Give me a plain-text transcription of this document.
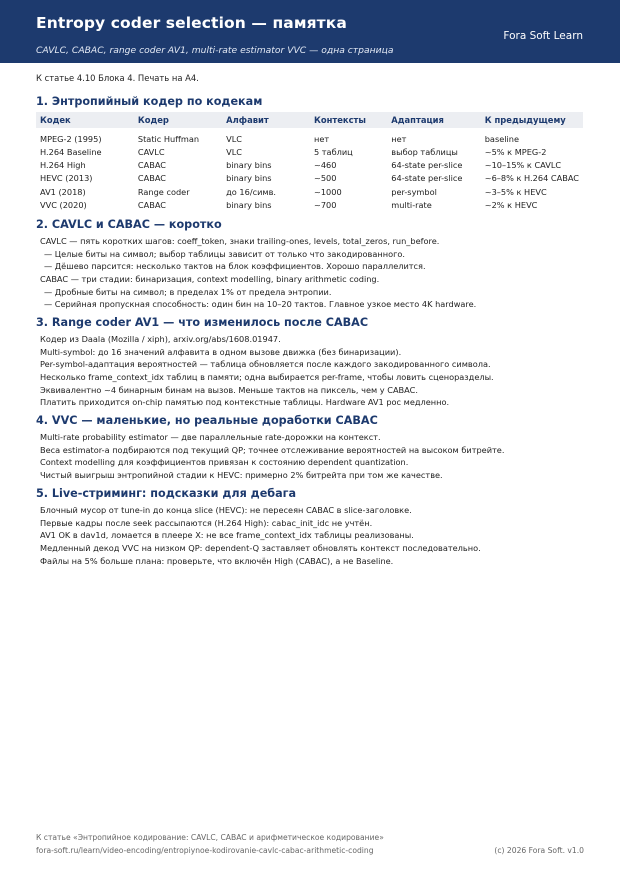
Entropy coder selection — памятка
CAVLC, CABAC, range coder AV1, multi-rate estimator VVC — одна страница
Fora Soft Learn
К статье 4.10 Блока 4. Печать на A4.
1. Энтропийный кодер по кодекам
Кодек	Кодер	Алфавит	Контексты	Адаптация	К предыдущему
MPEG-2 (1995)	Static Huffman	VLC	нет	нет	baseline
H.264 Baseline	CAVLC	VLC	5 таблиц	выбор таблицы	~5% к MPEG-2
H.264 High	CABAC	binary bins	~460	64-state per-slice	~10–15% к CAVLC
HEVC (2013)	CABAC	binary bins	~500	64-state per-slice	~6–8% к H.264 CABAC
AV1 (2018)	Range coder	до 16/симв.	~1000	per-symbol	~3–5% к HEVC
VVC (2020)	CABAC	binary bins	~700	multi-rate	~2% к HEVC
2. CAVLC и CABAC — коротко
CAVLC — пять коротких шагов: coeff_token, знаки trailing-ones, levels, total_zeros, run_before.
— Целые биты на символ; выбор таблицы зависит от только что закодированного.
— Дёшево парсится: несколько тактов на блок коэффициентов. Хорошо параллелится.
CABAC — три стадии: бинаризация, context modelling, binary arithmetic coding.
— Дробные биты на символ; в пределах 1% от предела энтропии.
— Серийная пропускная способность: один бин на 10–20 тактов. Главное узкое место 4K hardware.
3. Range coder AV1 — что изменилось после CABAC
Кодер из Daala (Mozilla / xiph), arxiv.org/abs/1608.01947.
Multi-symbol: до 16 значений алфавита в одном вызове движка (без бинаризации).
Per-symbol-адаптация вероятностей — таблица обновляется после каждого закодированного символа.
Несколько frame_context_idx таблиц в памяти; одна выбирается per-frame, чтобы ловить сценоразделы.
Эквивалентно ~4 бинарным бинам на вызов. Меньше тактов на пиксель, чем у CABAC.
Платить приходится on-chip памятью под контекстные таблицы. Hardware AV1 рос медленно.
4. VVC — маленькие, но реальные доработки CABAC
Multi-rate probability estimator — две параллельные rate-дорожки на контекст.
Веса estimator-а подбираются под текущий QP; точнее отслеживание вероятностей на высоком битрейте.
Context modelling для коэффициентов привязан к состоянию dependent quantization.
Чистый выигрыш энтропийной стадии к HEVC: примерно 2% битрейта при том же качестве.
5. Live-стриминг: подсказки для дебага
Блочный мусор от tune-in до конца slice (HEVC): не пересеян CABAC в slice-заголовке.
Первые кадры после seek рассыпаются (H.264 High): cabac_init_idc не учтён.
AV1 OK в dav1d, ломается в плеере X: не все frame_context_idx таблицы реализованы.
Медленный декод VVC на низком QP: dependent-Q заставляет обновлять контекст последовательно.
Файлы на 5% больше плана: проверьте, что включён High (CABAC), а не Baseline.
К статье «Энтропийное кодирование: CAVLC, CABAC и арифметическое кодирование»
fora-soft.ru/learn/video-encoding/entropiynoe-kodirovanie-cavlc-cabac-arithmetic-coding	(c) 2026 Fora Soft. v1.0
